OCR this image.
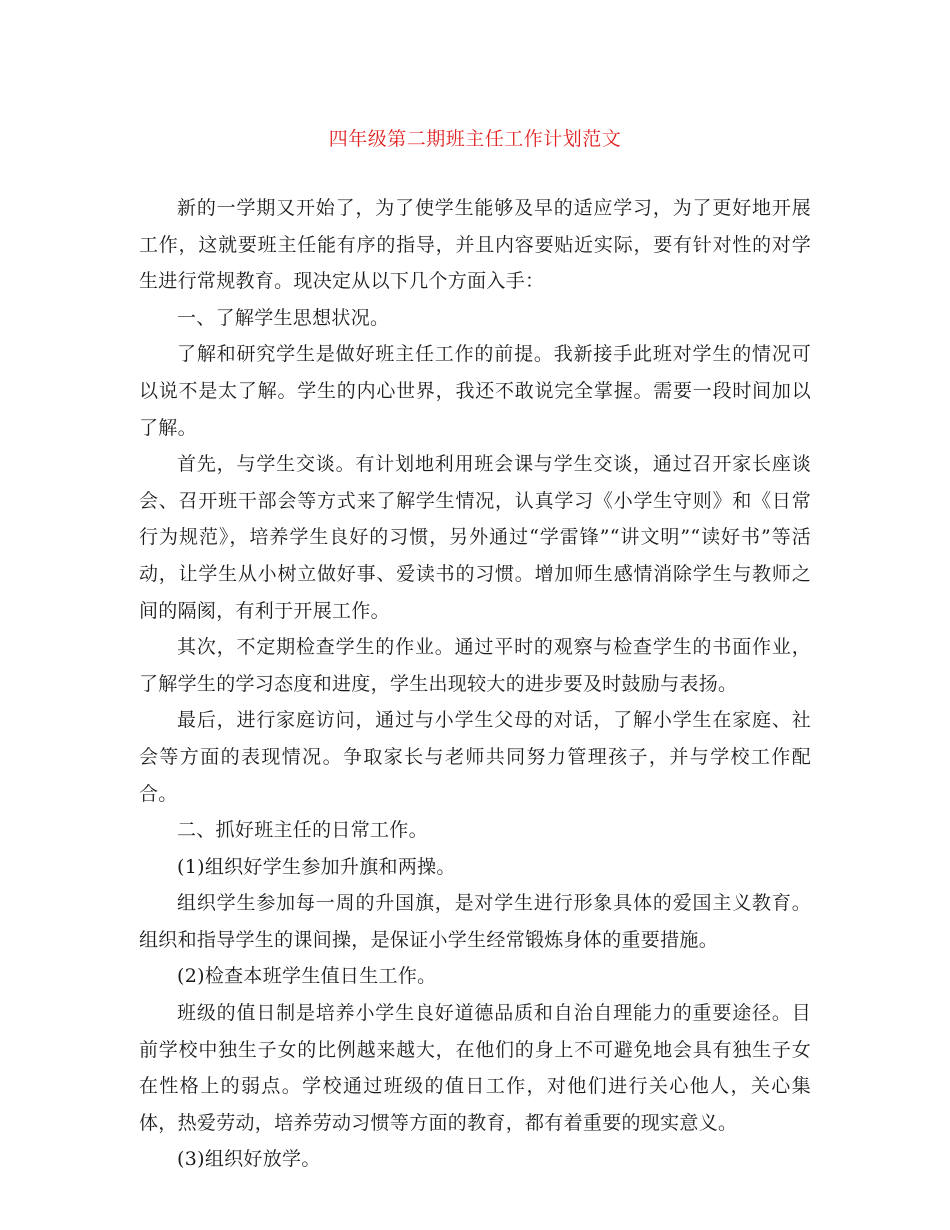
四年级第二期班主任工作计划范文

新的一学期又开始了，为了使学生能够及早的适应学习，为了更好地开展工作，这就要班主任能有序的指导，并且内容要贴近实际，要有针对性的对学生进行常规教育。现决定从以下几个方面入手：

一、了解学生思想状况。

了解和研究学生是做好班主任工作的前提。我新接手此班对学生的情况可以说不是太了解。学生的内心世界，我还不敢说完全掌握。需要一段时间加以了解。

首先，与学生交谈。有计划地利用班会课与学生交谈，通过召开家长座谈会、召开班干部会等方式来了解学生情况，认真学习《小学生守则》和《日常行为规范》，培养学生良好的习惯，另外通过“学雷锋”“讲文明”“读好书”等活动，让学生从小树立做好事、爱读书的习惯。增加师生感情消除学生与教师之间的隔阂，有利于开展工作。

其次，不定期检查学生的作业。通过平时的观察与检查学生的书面作业，了解学生的学习态度和进度，学生出现较大的进步要及时鼓励与表扬。

最后，进行家庭访问，通过与小学生父母的对话，了解小学生在家庭、社会等方面的表现情况。争取家长与老师共同努力管理孩子，并与学校工作配合。

二、抓好班主任的日常工作。

(1)组织好学生参加升旗和两操。

组织学生参加每一周的升国旗，是对学生进行形象具体的爱国主义教育。组织和指导学生的课间操，是保证小学生经常锻炼身体的重要措施。

(2)检查本班学生值日生工作。

班级的值日制是培养小学生良好道德品质和自治自理能力的重要途径。目前学校中独生子女的比例越来越大，在他们的身上不可避免地会具有独生子女在性格上的弱点。学校通过班级的值日工作，对他们进行关心他人，关心集体，热爱劳动，培养劳动习惯等方面的教育，都有着重要的现实意义。

(3)组织好放学。
